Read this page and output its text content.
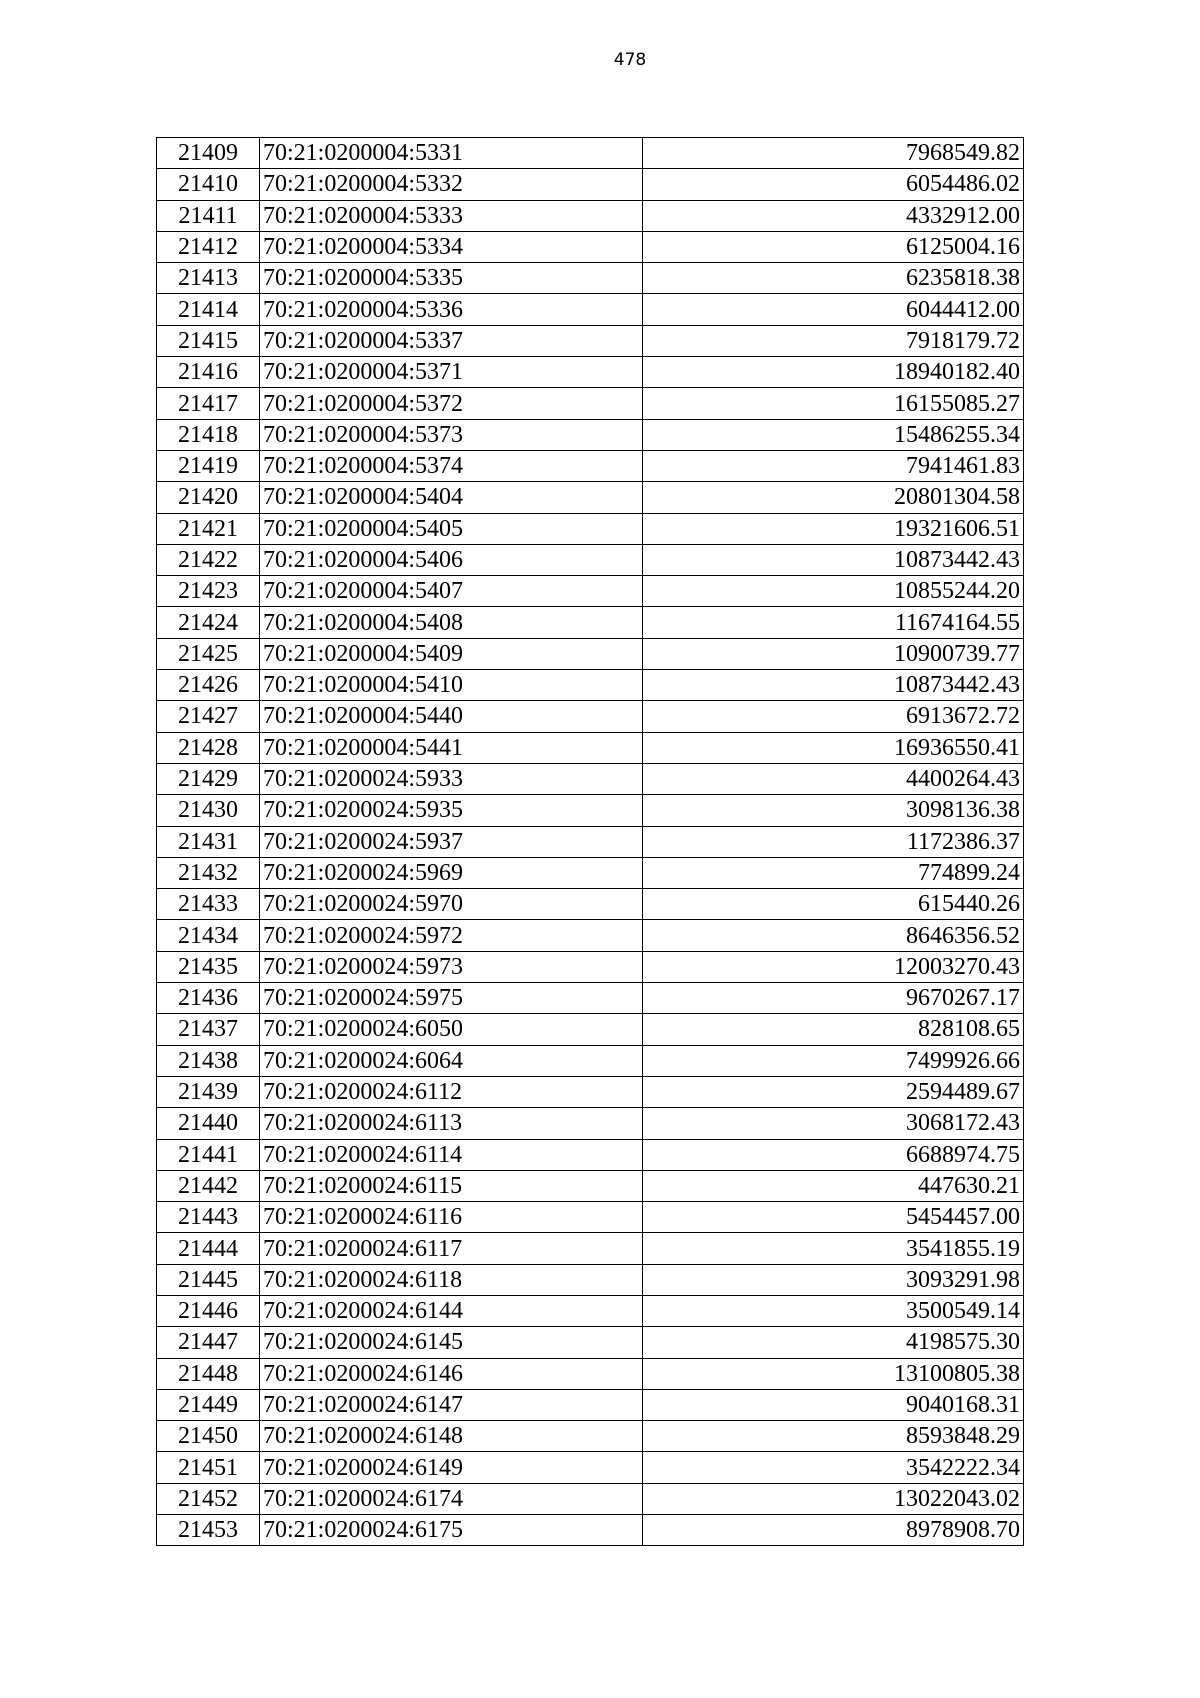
478
21409	70:21:0200004:5331	7968549.82
21410	70:21:0200004:5332	6054486.02
21411	70:21:0200004:5333	4332912.00
21412	70:21:0200004:5334	6125004.16
21413	70:21:0200004:5335	6235818.38
21414	70:21:0200004:5336	6044412.00
21415	70:21:0200004:5337	7918179.72
21416	70:21:0200004:5371	18940182.40
21417	70:21:0200004:5372	16155085.27
21418	70:21:0200004:5373	15486255.34
21419	70:21:0200004:5374	7941461.83
21420	70:21:0200004:5404	20801304.58
21421	70:21:0200004:5405	19321606.51
21422	70:21:0200004:5406	10873442.43
21423	70:21:0200004:5407	10855244.20
21424	70:21:0200004:5408	11674164.55
21425	70:21:0200004:5409	10900739.77
21426	70:21:0200004:5410	10873442.43
21427	70:21:0200004:5440	6913672.72
21428	70:21:0200004:5441	16936550.41
21429	70:21:0200024:5933	4400264.43
21430	70:21:0200024:5935	3098136.38
21431	70:21:0200024:5937	1172386.37
21432	70:21:0200024:5969	774899.24
21433	70:21:0200024:5970	615440.26
21434	70:21:0200024:5972	8646356.52
21435	70:21:0200024:5973	12003270.43
21436	70:21:0200024:5975	9670267.17
21437	70:21:0200024:6050	828108.65
21438	70:21:0200024:6064	7499926.66
21439	70:21:0200024:6112	2594489.67
21440	70:21:0200024:6113	3068172.43
21441	70:21:0200024:6114	6688974.75
21442	70:21:0200024:6115	447630.21
21443	70:21:0200024:6116	5454457.00
21444	70:21:0200024:6117	3541855.19
21445	70:21:0200024:6118	3093291.98
21446	70:21:0200024:6144	3500549.14
21447	70:21:0200024:6145	4198575.30
21448	70:21:0200024:6146	13100805.38
21449	70:21:0200024:6147	9040168.31
21450	70:21:0200024:6148	8593848.29
21451	70:21:0200024:6149	3542222.34
21452	70:21:0200024:6174	13022043.02
21453	70:21:0200024:6175	8978908.70
